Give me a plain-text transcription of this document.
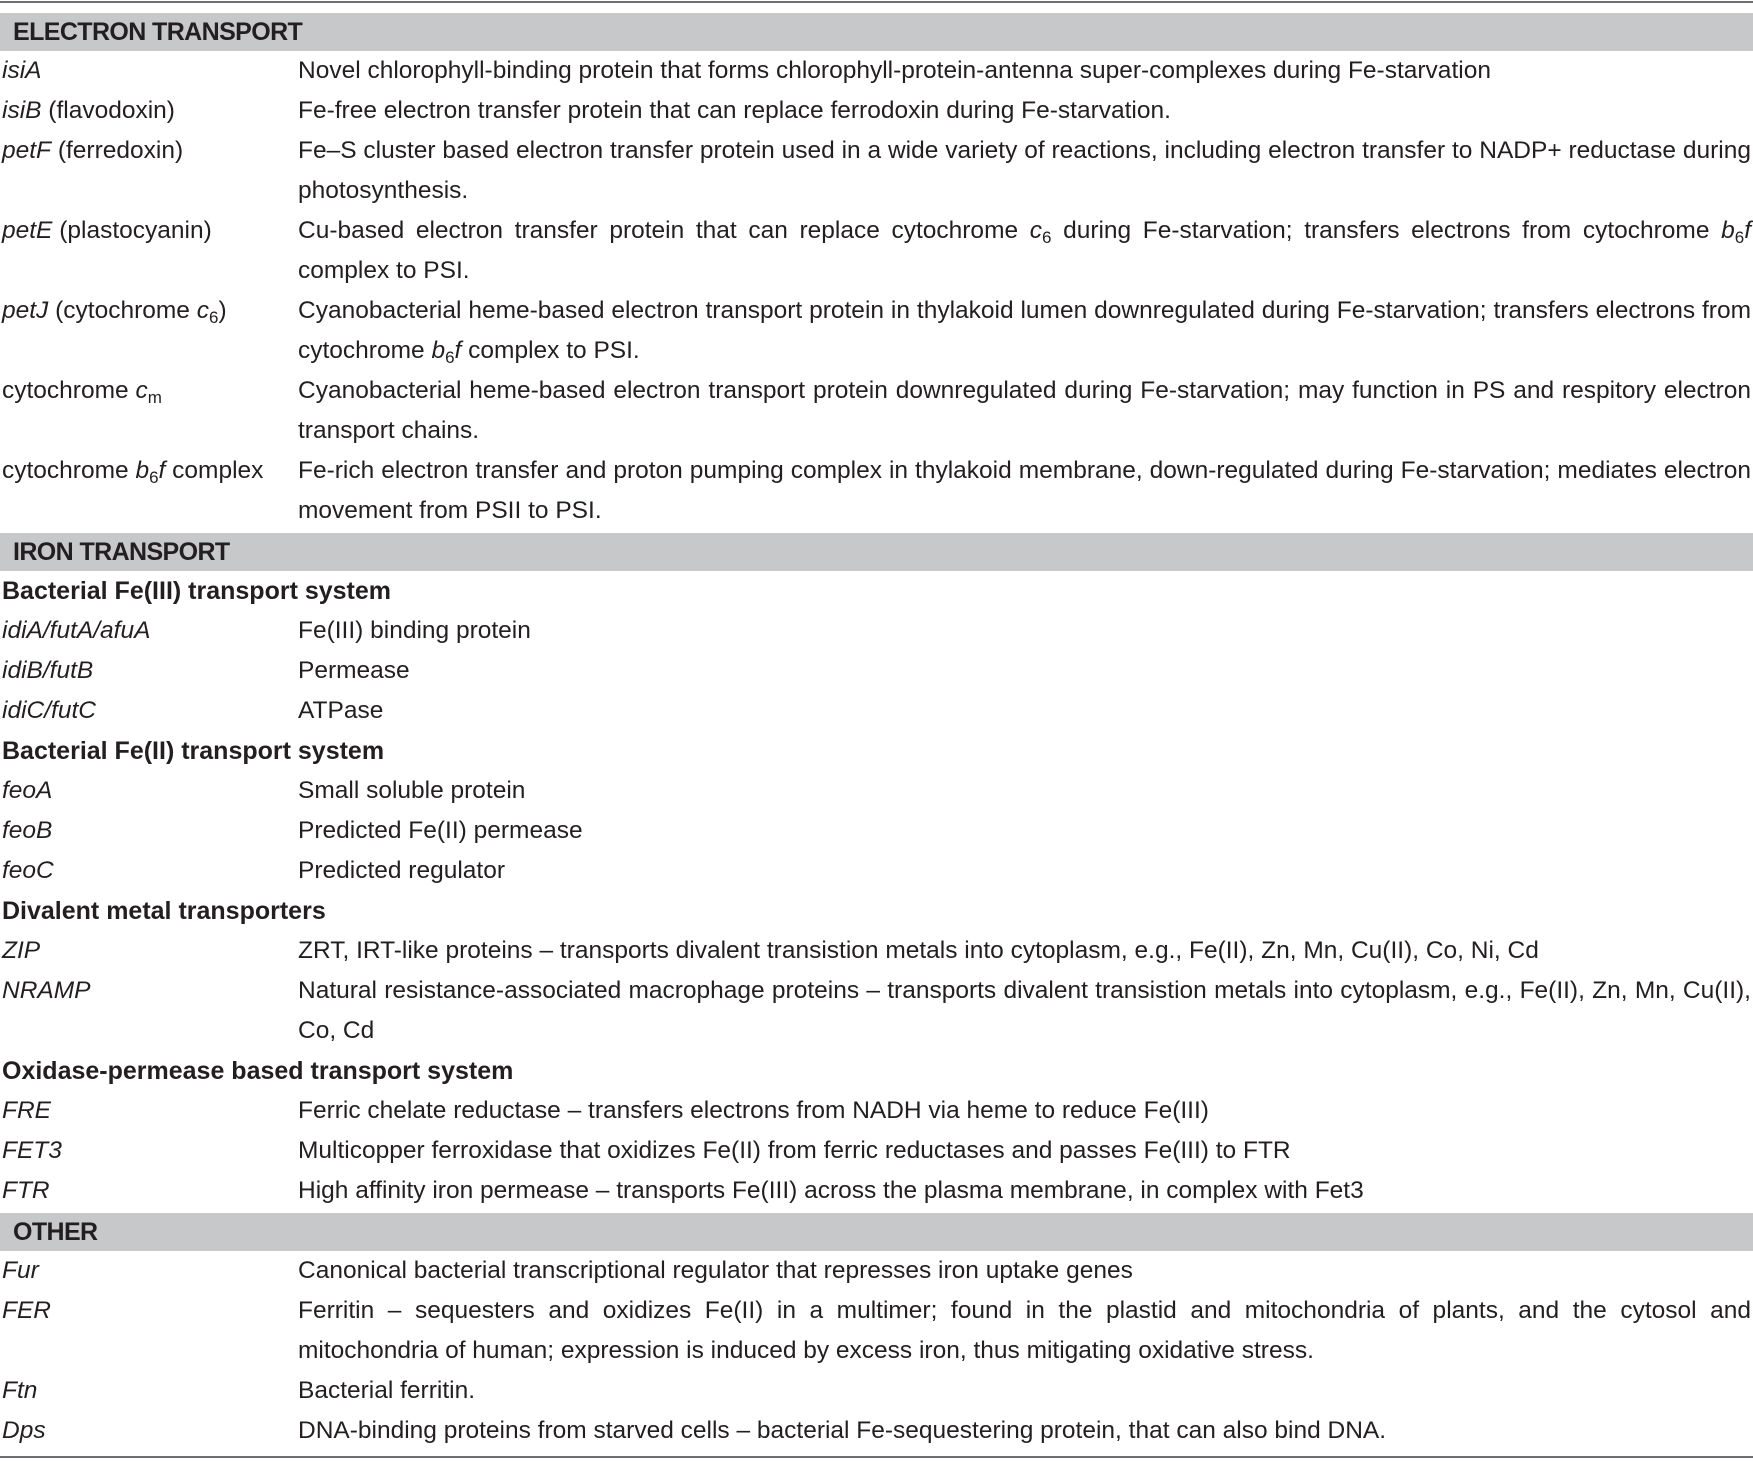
ELECTRON TRANSPORT
isiA	Novel chlorophyll-binding protein that forms chlorophyll-protein-antenna super-complexes during Fe-starvation
isiB (flavodoxin)	Fe-free electron transfer protein that can replace ferrodoxin during Fe-starvation.
petF (ferredoxin)	Fe–S cluster based electron transfer protein used in a wide variety of reactions, including electron transfer to NADP+ reductase during photosynthesis.
petE (plastocyanin)	Cu-based electron transfer protein that can replace cytochrome $c_6$ during Fe-starvation; transfers electrons from cytochrome $b_6f$ complex to PSI.
petJ (cytochrome $c_6$)	Cyanobacterial heme-based electron transport protein in thylakoid lumen downregulated during Fe-starvation; transfers electrons from cytochrome $b_6f$ complex to PSI.
cytochrome $c_m$	Cyanobacterial heme-based electron transport protein downregulated during Fe-starvation; may function in PS and respitory electron transport chains.
cytochrome $b_6f$ complex	Fe-rich electron transfer and proton pumping complex in thylakoid membrane, down-regulated during Fe-starvation; mediates electron movement from PSII to PSI.
IRON TRANSPORT
Bacterial Fe(III) transport system
idiA/futA/afuA	Fe(III) binding protein
idiB/futB	Permease
idiC/futC	ATPase
Bacterial Fe(II) transport system
feoA	Small soluble protein
feoB	Predicted Fe(II) permease
feoC	Predicted regulator
Divalent metal transporters
ZIP	ZRT, IRT-like proteins – transports divalent transistion metals into cytoplasm, e.g., Fe(II), Zn, Mn, Cu(II), Co, Ni, Cd
NRAMP	Natural resistance-associated macrophage proteins – transports divalent transistion metals into cytoplasm, e.g., Fe(II), Zn, Mn, Cu(II), Co, Cd
Oxidase-permease based transport system
FRE	Ferric chelate reductase – transfers electrons from NADH via heme to reduce Fe(III)
FET3	Multicopper ferroxidase that oxidizes Fe(II) from ferric reductases and passes Fe(III) to FTR
FTR	High affinity iron permease – transports Fe(III) across the plasma membrane, in complex with Fet3
OTHER
Fur	Canonical bacterial transcriptional regulator that represses iron uptake genes
FER	Ferritin – sequesters and oxidizes Fe(II) in a multimer; found in the plastid and mitochondria of plants, and the cytosol and mitochondria of human; expression is induced by excess iron, thus mitigating oxidative stress.
Ftn	Bacterial ferritin.
Dps	DNA-binding proteins from starved cells – bacterial Fe-sequestering protein, that can also bind DNA.
